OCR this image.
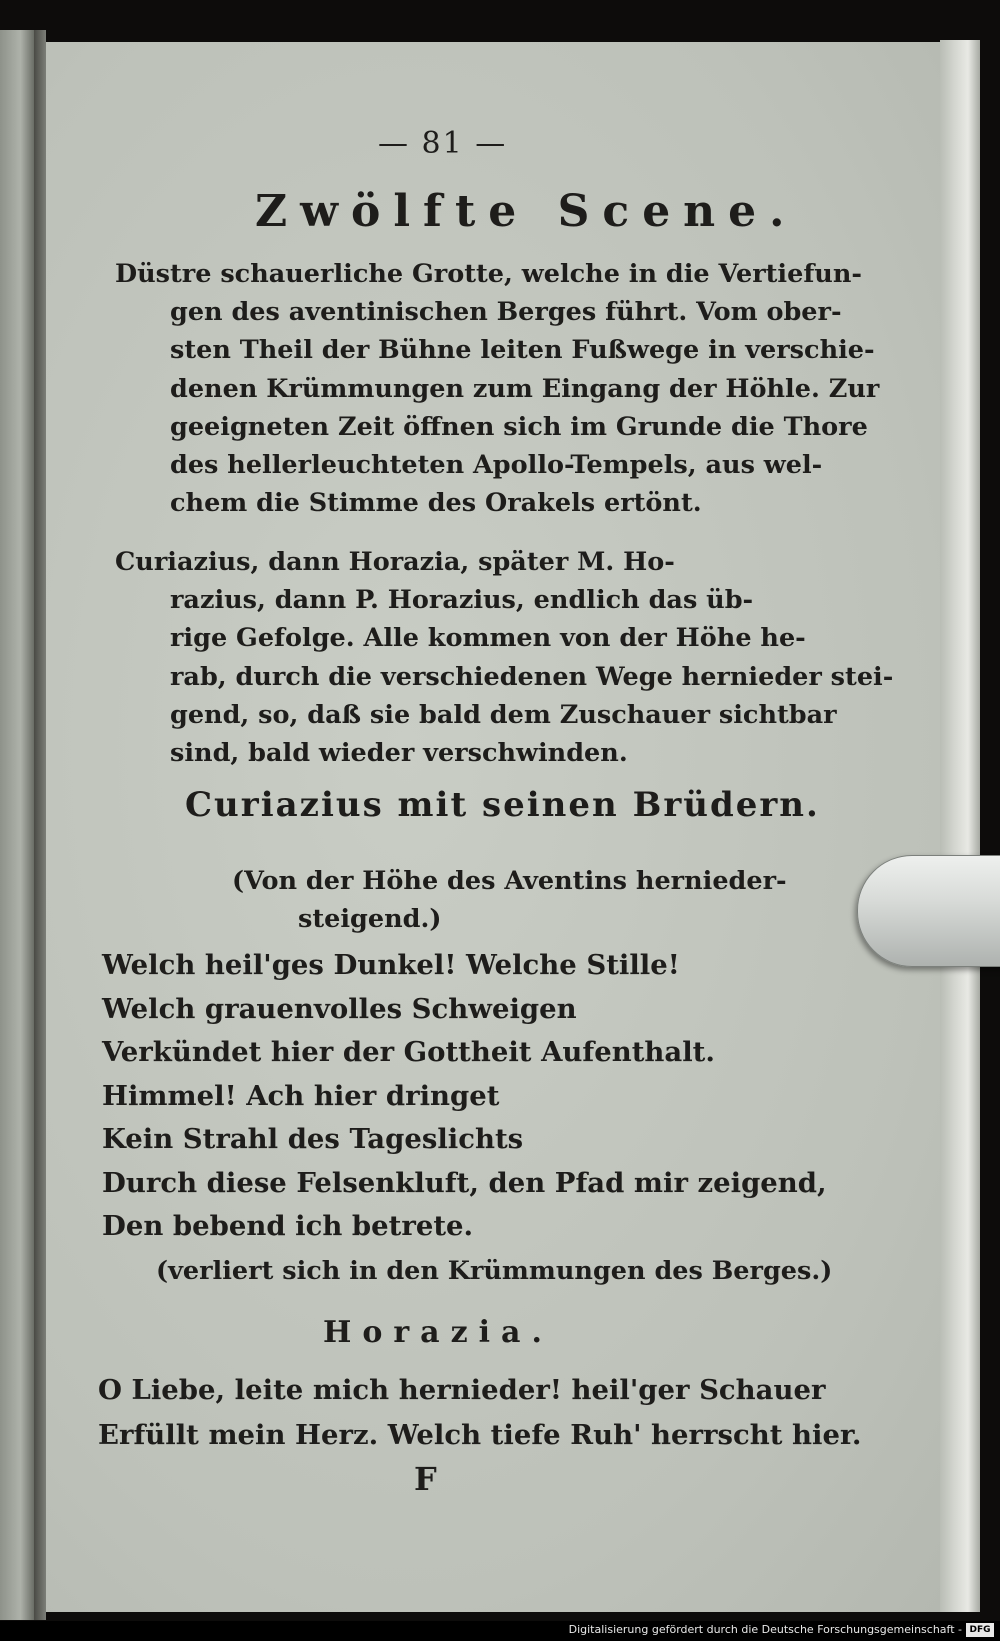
— 81 —
Zwölfte Scene.
Düstre schauerliche Grotte, welche in die Vertiefun-
gen des aventinischen Berges führt. Vom ober-
sten Theil der Bühne leiten Fußwege in verschie-
denen Krümmungen zum Eingang der Höhle. Zur
geeigneten Zeit öffnen sich im Grunde die Thore
des hellerleuchteten Apollo-Tempels, aus wel-
chem die Stimme des Orakels ertönt.
Curiazius, dann Horazia, später M. Ho-
razius, dann P. Horazius, endlich das üb-
rige Gefolge. Alle kommen von der Höhe he-
rab, durch die verschiedenen Wege hernieder stei-
gend, so, daß sie bald dem Zuschauer sichtbar
sind, bald wieder verschwinden.
Curiazius mit seinen Brüdern.
(Von der Höhe des Aventins hernieder-
steigend.)
Welch heil'ges Dunkel! Welche Stille!
Welch grauenvolles Schweigen
Verkündet hier der Gottheit Aufenthalt.
Himmel! Ach hier dringet
Kein Strahl des Tageslichts
Durch diese Felsenkluft, den Pfad mir zeigend,
Den bebend ich betrete.
(verliert sich in den Krümmungen des Berges.)
Horazia.
O Liebe, leite mich hernieder! heil'ger Schauer
Erfüllt mein Herz. Welch tiefe Ruh' herrscht hier.
F
Digitalisierung gefördert durch die Deutsche Forschungsgemeinschaft - DFG
